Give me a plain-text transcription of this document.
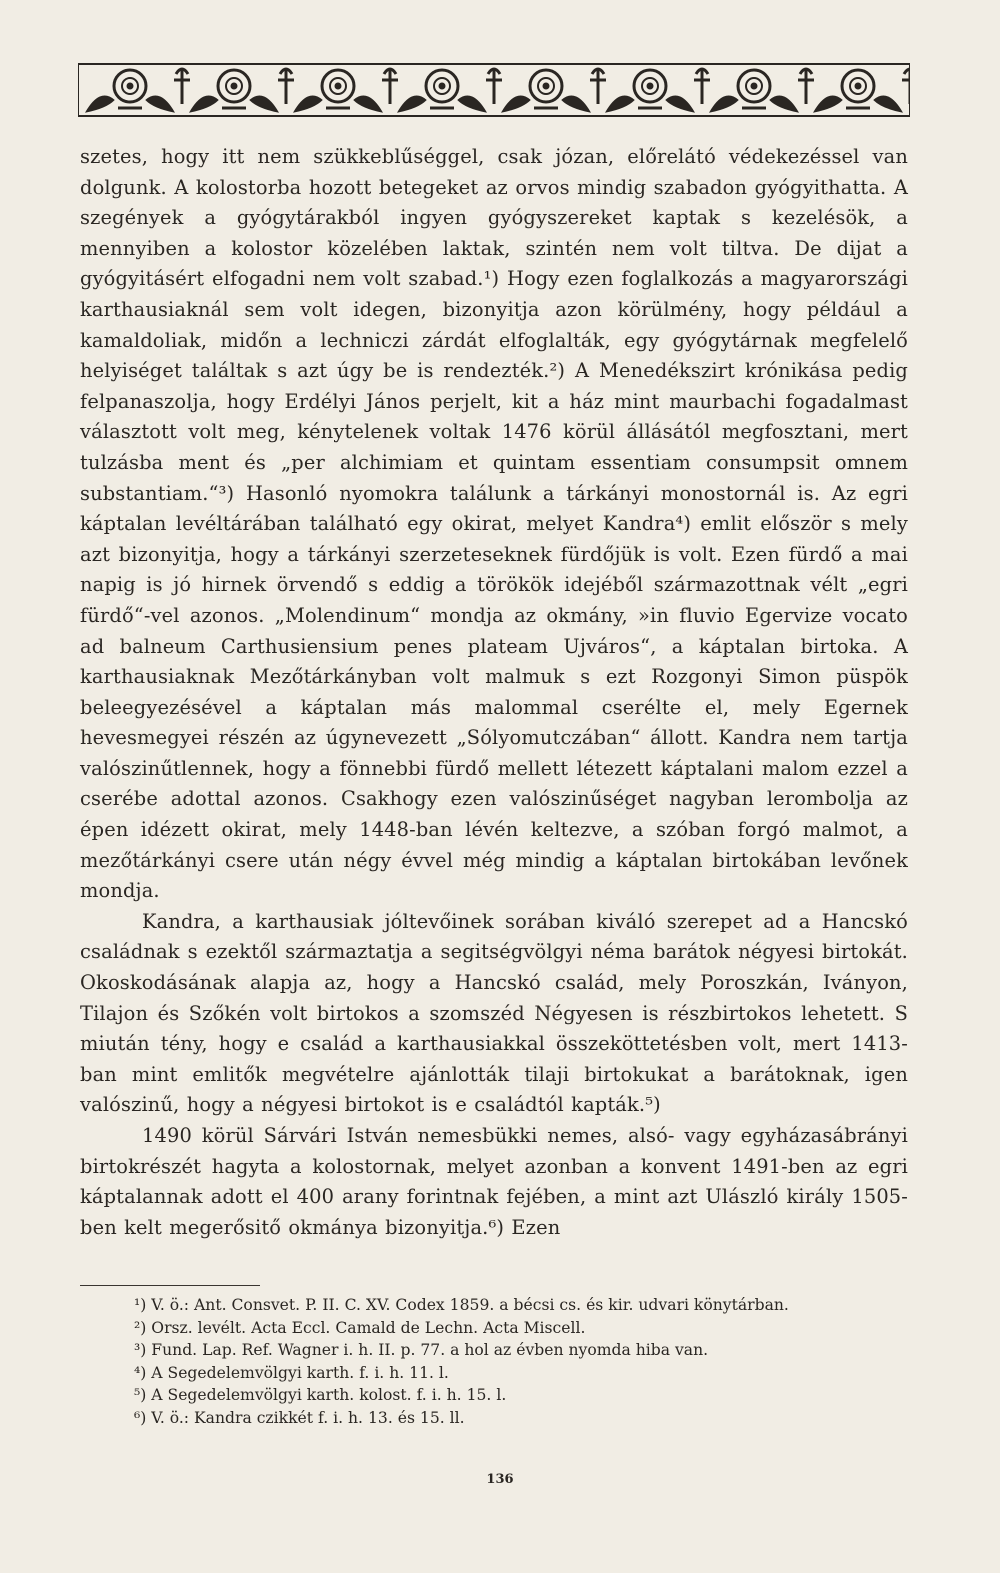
szetes, hogy itt nem szükkeblűséggel, csak józan, előrelátó védekezéssel van dolgunk. A kolostorba hozott betegeket az orvos mindig szabadon gyógyithatta. A szegények a gyógytárakból ingyen gyógyszereket kaptak s kezelésök, a mennyiben a kolostor közelében laktak, szintén nem volt tiltva. De dijat a gyógyitásért elfogadni nem volt szabad.¹) Hogy ezen foglalkozás a magyarországi karthausiaknál sem volt idegen, bizonyitja azon körülmény, hogy például a kamaldoliak, midőn a lechniczi zárdát elfoglalták, egy gyógytárnak megfelelő helyiséget találtak s azt úgy be is rendezték.²) A Menedékszirt krónikása pedig felpanaszolja, hogy Erdélyi János perjelt, kit a ház mint maurbachi fogadalmast választott volt meg, kénytelenek voltak 1476 körül állásától megfosztani, mert tulzásba ment és „per alchimiam et quintam essentiam consumpsit omnem substantiam.“³) Hasonló nyomokra találunk a tárkányi monostornál is. Az egri káptalan levéltárában található egy okirat, melyet Kandra⁴) emlit először s mely azt bizonyitja, hogy a tárkányi szerzeteseknek fürdőjük is volt. Ezen fürdő a mai napig is jó hirnek örvendő s eddig a törökök idejéből származottnak vélt „egri fürdő“-vel azonos. „Molendinum“ mondja az okmány, »in fluvio Egervize vocato ad balneum Carthusiensium penes plateam Ujváros“, a káptalan birtoka. A karthausiaknak Mezőtárkányban volt malmuk s ezt Rozgonyi Simon püspök beleegyezésével a káptalan más malommal cserélte el, mely Egernek hevesmegyei részén az úgynevezett „Sólyomutczában“ állott. Kandra nem tartja valószinűtlennek, hogy a fönnebbi fürdő mellett létezett káptalani malom ezzel a cserébe adottal azonos. Csakhogy ezen valószinűséget nagyban lerombolja az épen idézett okirat, mely 1448-ban lévén keltezve, a szóban forgó malmot, a mezőtárkányi csere után négy évvel még mindig a káptalan birtokában levőnek mondja.

Kandra, a karthausiak jóltevőinek sorában kiváló szerepet ad a Hancskó családnak s ezektől származtatja a segitségvölgyi néma barátok négyesi birtokát. Okoskodásának alapja az, hogy a Hancskó család, mely Poroszkán, Iványon, Tilajon és Szőkén volt birtokos a szomszéd Négyesen is részbirtokos lehetett. S miután tény, hogy e család a karthausiakkal összeköttetésben volt, mert 1413-ban mint emlitők megvételre ajánlották tilaji birtokukat a barátoknak, igen valószinű, hogy a négyesi birtokot is e családtól kapták.⁵)

1490 körül Sárvári István nemesbükki nemes, alsó- vagy egyházasábrányi birtokrészét hagyta a kolostornak, melyet azonban a konvent 1491-ben az egri káptalannak adott el 400 arany forintnak fejében, a mint azt Ulászló király 1505-ben kelt megerősitő okmánya bizonyitja.⁶) Ezen

¹) V. ö.: Ant. Consvet. P. II. C. XV. Codex 1859. a bécsi cs. és kir. udvari könytárban.

²) Orsz. levélt. Acta Eccl. Camald de Lechn. Acta Miscell.

³) Fund. Lap. Ref. Wagner i. h. II. p. 77. a hol az évben nyomda hiba van.

⁴) A Segedelemvölgyi karth. f. i. h. 11. l.

⁵) A Segedelemvölgyi karth. kolost. f. i. h. 15. l.

⁶) V. ö.: Kandra czikkét f. i. h. 13. és 15. ll.

136
